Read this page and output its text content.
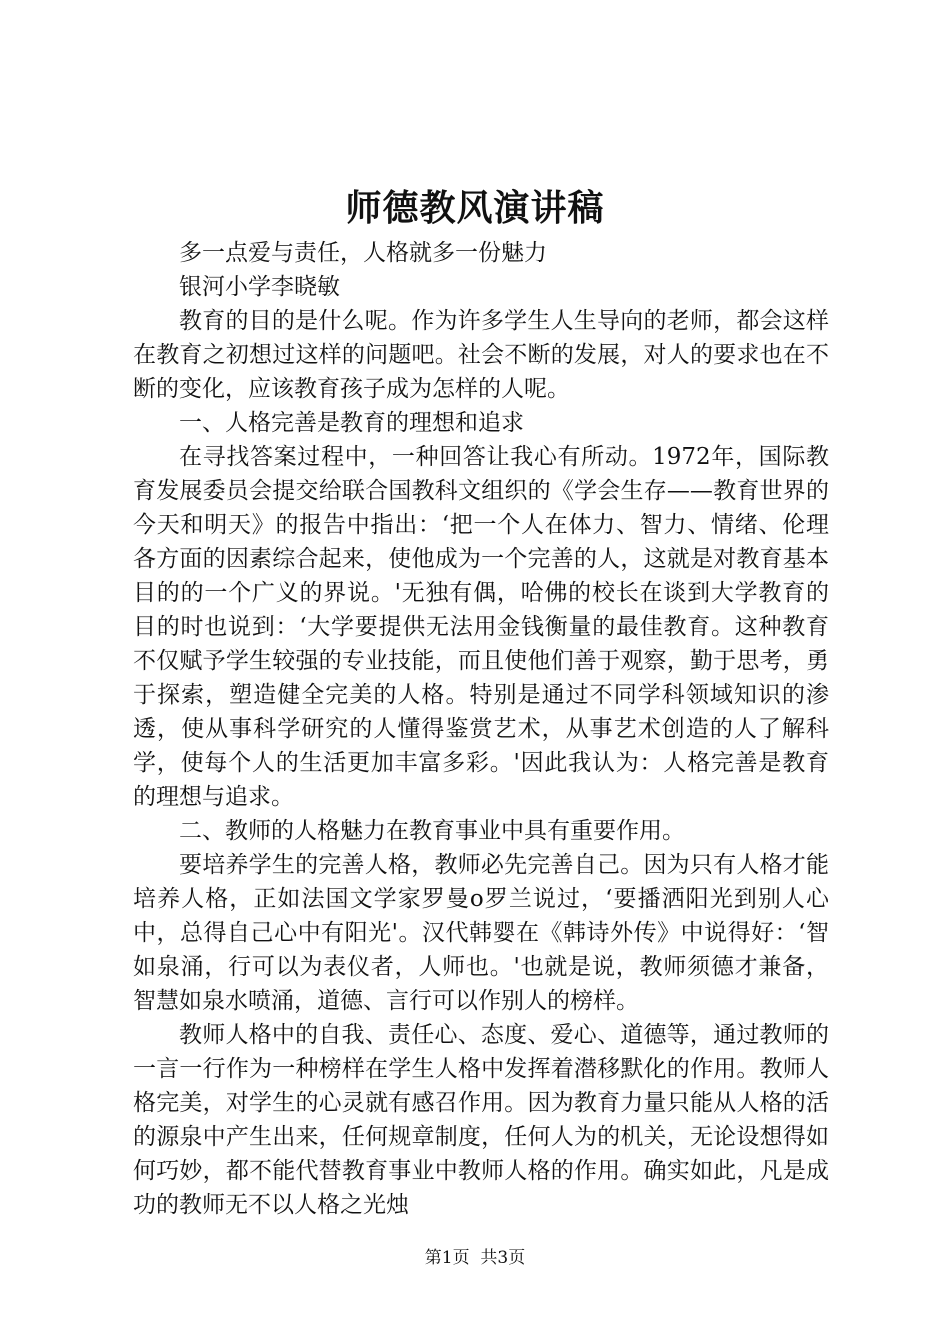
师德教风演讲稿

多一点爱与责任，人格就多一份魅力

银河小学李晓敏

教育的目的是什么呢。作为许多学生人生导向的老师，都会这样在教育之初想过这样的问题吧。社会不断的发展，对人的要求也在不断的变化，应该教育孩子成为怎样的人呢。

一、人格完善是教育的理想和追求

在寻找答案过程中，一种回答让我心有所动。1972年，国际教育发展委员会提交给联合国教科文组织的《学会生存——教育世界的今天和明天》的报告中指出：‘把一个人在体力、智力、情绪、伦理各方面的因素综合起来，使他成为一个完善的人，这就是对教育基本目的的一个广义的界说。'无独有偶，哈佛的校长在谈到大学教育的目的时也说到：‘大学要提供无法用金钱衡量的最佳教育。这种教育不仅赋予学生较强的专业技能，而且使他们善于观察，勤于思考，勇于探索，塑造健全完美的人格。特别是通过不同学科领域知识的渗透，使从事科学研究的人懂得鉴赏艺术，从事艺术创造的人了解科学，使每个人的生活更加丰富多彩。'因此我认为：人格完善是教育的理想与追求。

二、教师的人格魅力在教育事业中具有重要作用。

要培养学生的完善人格，教师必先完善自己。因为只有人格才能培养人格，正如法国文学家罗曼o罗兰说过，‘要播洒阳光到别人心中，总得自己心中有阳光'。汉代韩婴在《韩诗外传》中说得好：‘智如泉涌，行可以为表仪者，人师也。'也就是说，教师须德才兼备，智慧如泉水喷涌，道德、言行可以作别人的榜样。

教师人格中的自我、责任心、态度、爱心、道德等，通过教师的一言一行作为一种榜样在学生人格中发挥着潜移默化的作用。教师人格完美，对学生的心灵就有感召作用。因为教育力量只能从人格的活的源泉中产生出来，任何规章制度，任何人为的机关，无论设想得如何巧妙，都不能代替教育事业中教师人格的作用。确实如此，凡是成功的教师无不以人格之光烛

第1页 共3页
